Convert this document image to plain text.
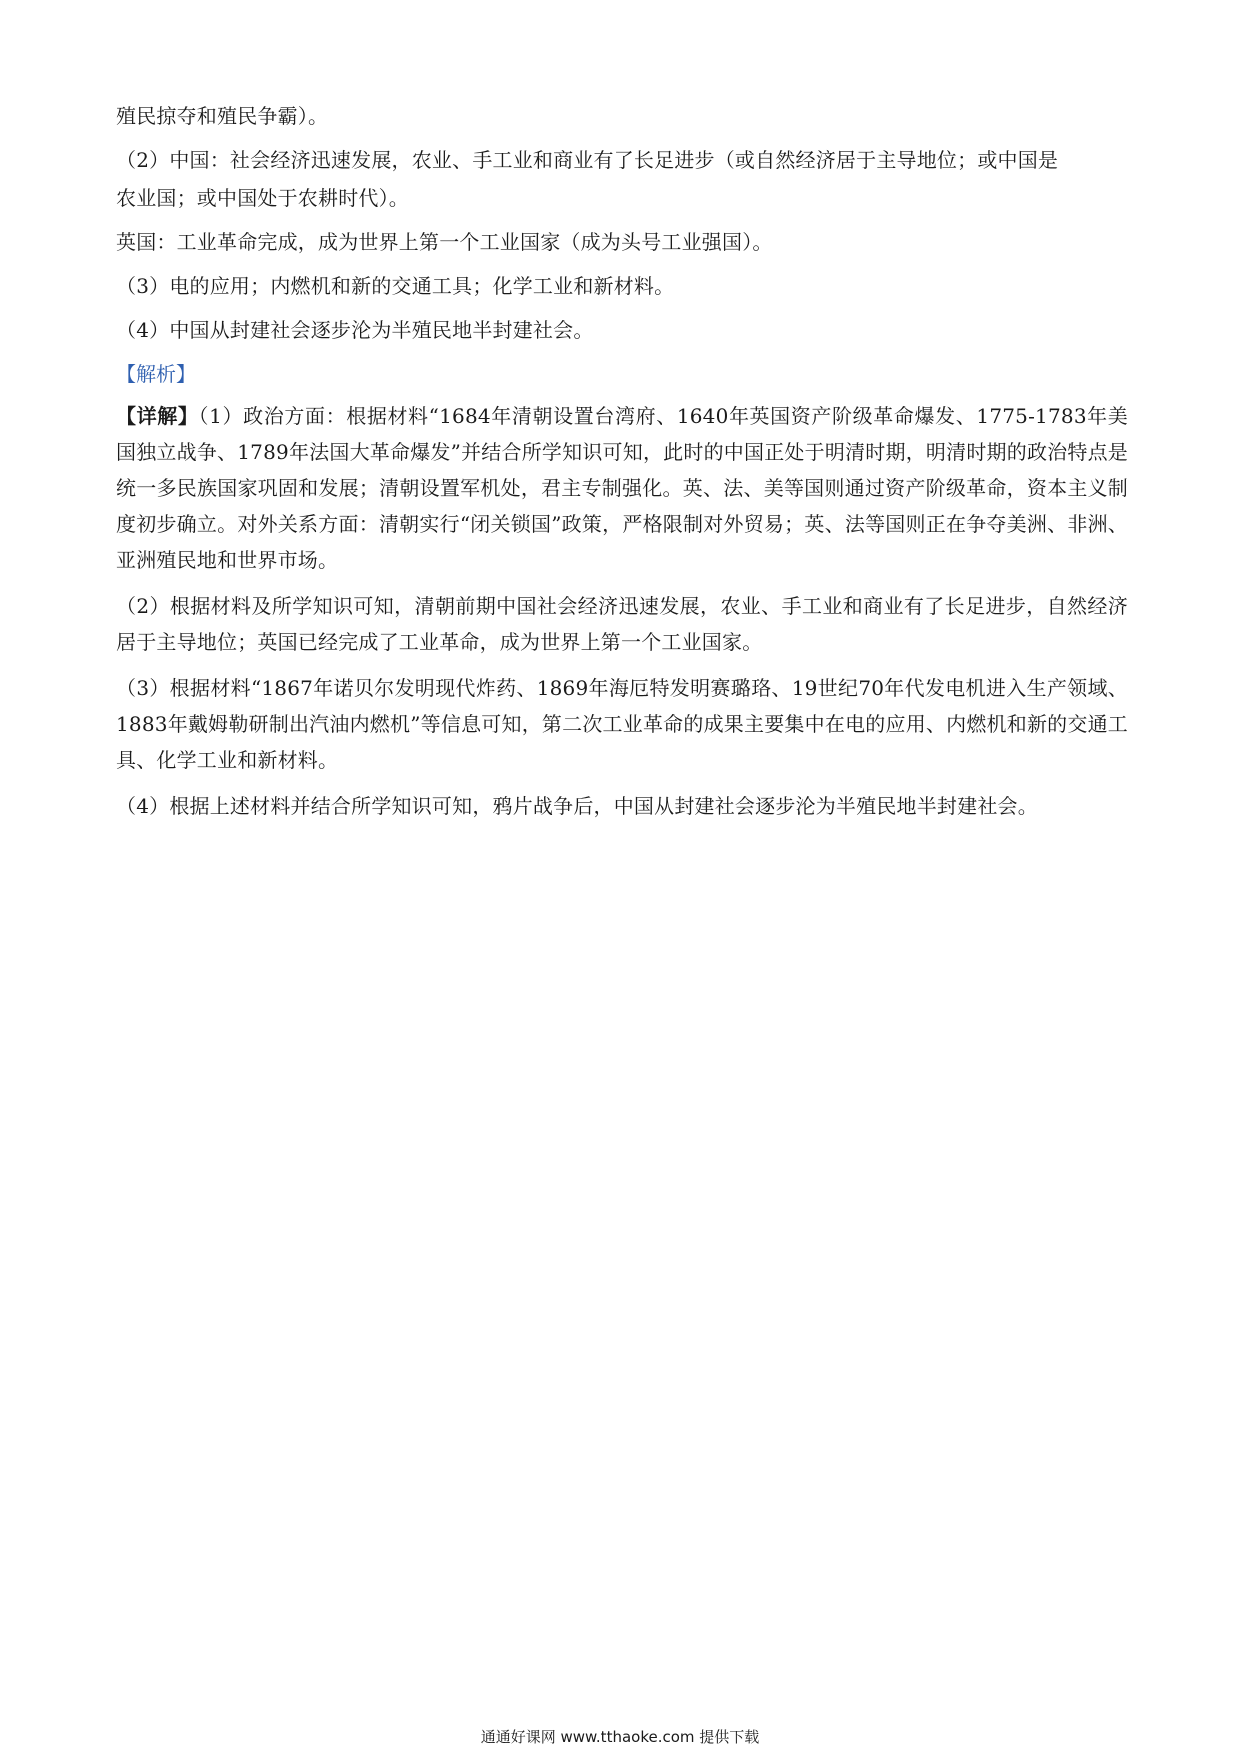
殖民掠夺和殖民争霸）。
（2）中国：社会经济迅速发展，农业、手工业和商业有了长足进步（或自然经济居于主导地位；或中国是
农业国；或中国处于农耕时代）。
英国：工业革命完成，成为世界上第一个工业国家（成为头号工业强国）。
（3）电的应用；内燃机和新的交通工具；化学工业和新材料。
（4）中国从封建社会逐步沦为半殖民地半封建社会。
【解析】
【详解】（1）政治方面：根据材料“1684年清朝设置台湾府、1640年英国资产阶级革命爆发、1775-1783年美国独立战争、1789年法国大革命爆发”并结合所学知识可知，此时的中国正处于明清时期，明清时期的政治特点是统一多民族国家巩固和发展；清朝设置军机处，君主专制强化。英、法、美等国则通过资产阶级革命，资本主义制度初步确立。对外关系方面：清朝实行“闭关锁国”政策，严格限制对外贸易；英、法等国则正在争夺美洲、非洲、亚洲殖民地和世界市场。
（2）根据材料及所学知识可知，清朝前期中国社会经济迅速发展，农业、手工业和商业有了长足进步，自然经济居于主导地位；英国已经完成了工业革命，成为世界上第一个工业国家。
（3）根据材料“1867年诺贝尔发明现代炸药、1869年海厄特发明赛璐珞、19世纪70年代发电机进入生产领域、1883年戴姆勒研制出汽油内燃机”等信息可知，第二次工业革命的成果主要集中在电的应用、内燃机和新的交通工具、化学工业和新材料。
（4）根据上述材料并结合所学知识可知，鸦片战争后，中国从封建社会逐步沦为半殖民地半封建社会。
通通好课网 www.tthaoke.com 提供下载
